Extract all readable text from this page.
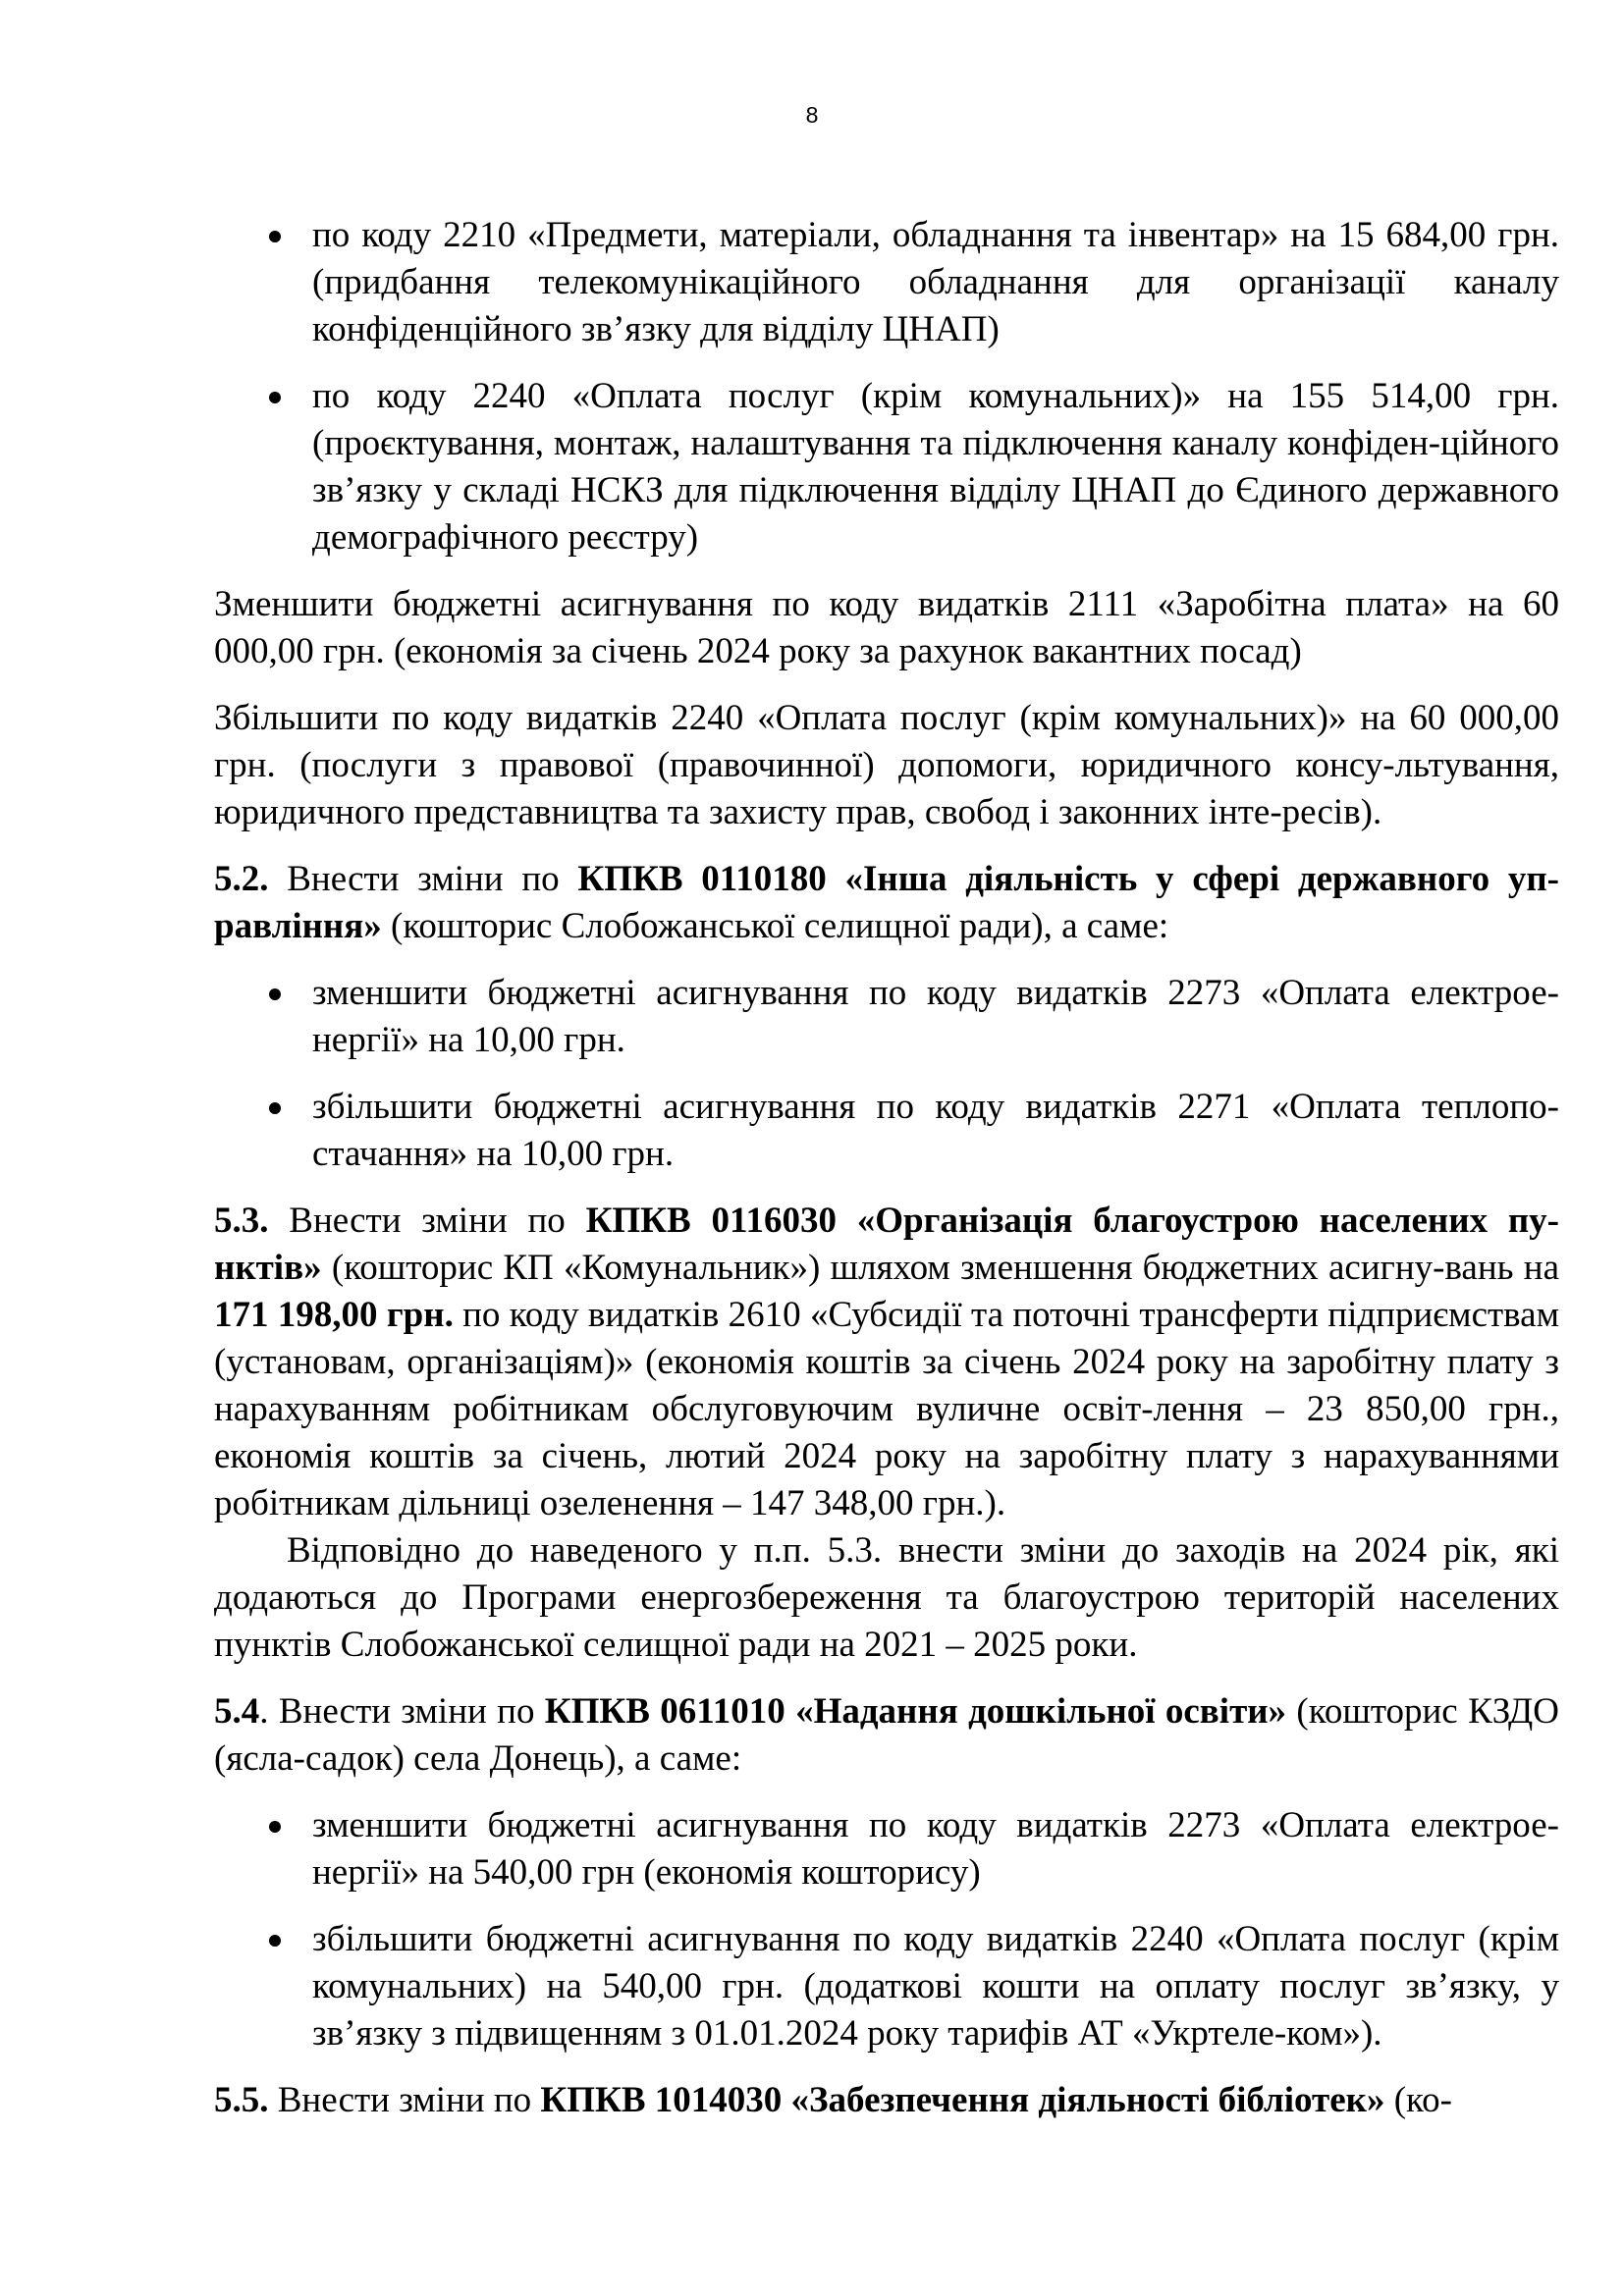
8
по коду 2210 «Предмети, матеріали, обладнання та інвентар» на 15 684,00 грн. (придбання телекомунікаційного обладнання для організації каналу конфіденційного зв’язку для відділу ЦНАП)
по коду 2240 «Оплата послуг (крім комунальних)» на 155 514,00 грн. (проєктування, монтаж, налаштування та підключення каналу конфіден-ційного зв’язку у складі НСКЗ для підключення відділу ЦНАП до Єдиного державного демографічного реєстру)

Зменшити бюджетні асигнування по коду видатків 2111 «Заробітна плата» на 60 000,00 грн. (економія за січень 2024 року за рахунок вакантних посад)

Збільшити по коду видатків 2240 «Оплата послуг (крім комунальних)» на 60 000,00 грн. (послуги з правової (правочинної) допомоги, юридичного консу-льтування, юридичного представництва та захисту прав, свобод і законних інте-ресів).

5.2. Внести зміни по КПКВ 0110180 «Інша діяльність у сфері державного уп-равління» (кошторис Слобожанської селищної ради), а саме:

зменшити бюджетні асигнування по коду видатків 2273 «Оплата електрое-нергії» на 10,00 грн.
збільшити бюджетні асигнування по коду видатків 2271 «Оплата теплопо-стачання» на 10,00 грн.

5.3. Внести зміни по КПКВ 0116030 «Організація благоустрою населених пу-нктів» (кошторис КП «Комунальник») шляхом зменшення бюджетних асигну-вань на 171 198,00 грн. по коду видатків 2610 «Субсидії та поточні трансферти підприємствам (установам, організаціям)» (економія коштів за січень 2024 року на заробітну плату з нарахуванням робітникам обслуговуючим вуличне освіт-лення – 23 850,00 грн., економія коштів за січень, лютий 2024 року на заробітну плату з нарахуваннями робітникам дільниці озеленення – 147 348,00 грн.).

Відповідно до наведеного у п.п. 5.3. внести зміни до заходів на 2024 рік, які додаються до Програми енергозбереження та благоустрою територій населених пунктів Слобожанської селищної ради на 2021 – 2025 роки.

5.4. Внести зміни по КПКВ 0611010 «Надання дошкільної освіти» (кошторис КЗДО (ясла-садок) села Донець), а саме:

зменшити бюджетні асигнування по коду видатків 2273 «Оплата електрое-нергії» на 540,00 грн (економія кошторису)
збільшити бюджетні асигнування по коду видатків 2240 «Оплата послуг (крім комунальних) на 540,00 грн. (додаткові кошти на оплату послуг зв’язку, у зв’язку з підвищенням з 01.01.2024 року тарифів АТ «Укртеле-ком»).

5.5. Внести зміни по КПКВ 1014030 «Забезпечення діяльності бібліотек» (ко-
